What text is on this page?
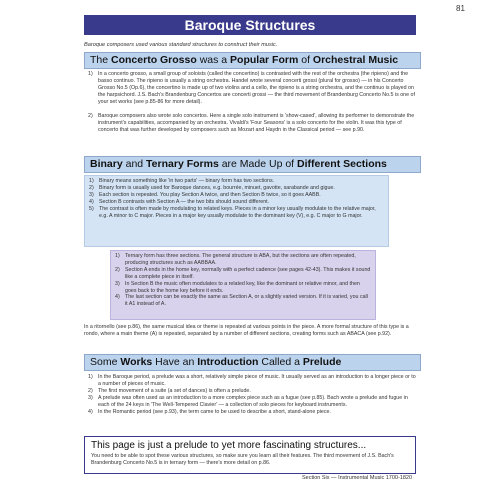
81
Baroque Structures
Baroque composers used various standard structures to construct their music.
The Concerto Grosso was a Popular Form of Orchestral Music
1) In a concerto grosso, a small group of soloists (called the concertino) is contrasted with the rest of the orchestra (the ripieno) and the basso continuo. The ripieno is usually a string orchestra. Handel wrote several concerti grossi (plural for grosso) — in his Concerto Grosso No.5 (Op.6), the concertino is made up of two violins and a cello, the ripieno is a string orchestra, and the continuo is played on the harpsichord. J.S. Bach's Brandenburg Concertos are concerti grossi — the third movement of Brandenburg Concerto No.5 is one of your set works (see p.85-86 for more detail).
2) Baroque composers also wrote solo concertos. Here a single solo instrument is 'show-cased', allowing its performer to demonstrate the instrument's capabilities, accompanied by an orchestra. Vivaldi's 'Four Seasons' is a solo concerto for the violin. It was this type of concerto that was further developed by composers such as Mozart and Haydn in the Classical period — see p.90.
Binary and Ternary Forms are Made Up of Different Sections
1) Binary means something like 'in two parts' — binary form has two sections.
2) Binary form is usually used for Baroque dances, e.g. bourrée, minuet, gavotte, sarabande and gigue.
3) Each section is repeated. You play Section A twice, and then Section B twice, so it goes AABB.
4) Section B contrasts with Section A — the two bits should sound different.
5) The contrast is often made by modulating to related keys. Pieces in a minor key usually modulate to the relative major, e.g. A minor to C major. Pieces in a major key usually modulate to the dominant key (V), e.g. C major to G major.
1) Ternary form has three sections. The general structure is ABA, but the sections are often repeated, producing structures such as AABBAA.
2) Section A ends in the home key, normally with a perfect cadence (see pages 42-43). This makes it sound like a complete piece in itself.
3) In Section B the music often modulates to a related key, like the dominant or relative minor, and then goes back to the home key before it ends.
4) The last section can be exactly the same as Section A, or a slightly varied version. If it is varied, you call it A1 instead of A.
In a ritornello (see p.86), the same musical idea or theme is repeated at various points in the piece. A more formal structure of this type is a rondo, where a main theme (A) is repeated, separated by a number of different sections, creating forms such as ABACA (see p.92).
Some Works Have an Introduction Called a Prelude
1) In the Baroque period, a prelude was a short, relatively simple piece of music. It usually served as an introduction to a longer piece or to a number of pieces of music.
2) The first movement of a suite (a set of dances) is often a prelude.
3) A prelude was often used as an introduction to a more complex piece such as a fugue (see p.85). Bach wrote a prelude and fugue in each of the 24 keys in 'The Well-Tempered Clavier' — a collection of solo pieces for keyboard instruments.
4) In the Romantic period (see p.93), the term came to be used to describe a short, stand-alone piece.
This page is just a prelude to yet more fascinating structures...
You need to be able to spot these various structures, so make sure you learn all their features. The third movement of J.S. Bach's Brandenburg Concerto No.5 is in ternary form — there's more detail on p.86.
Section Six — Instrumental Music 1700-1820
